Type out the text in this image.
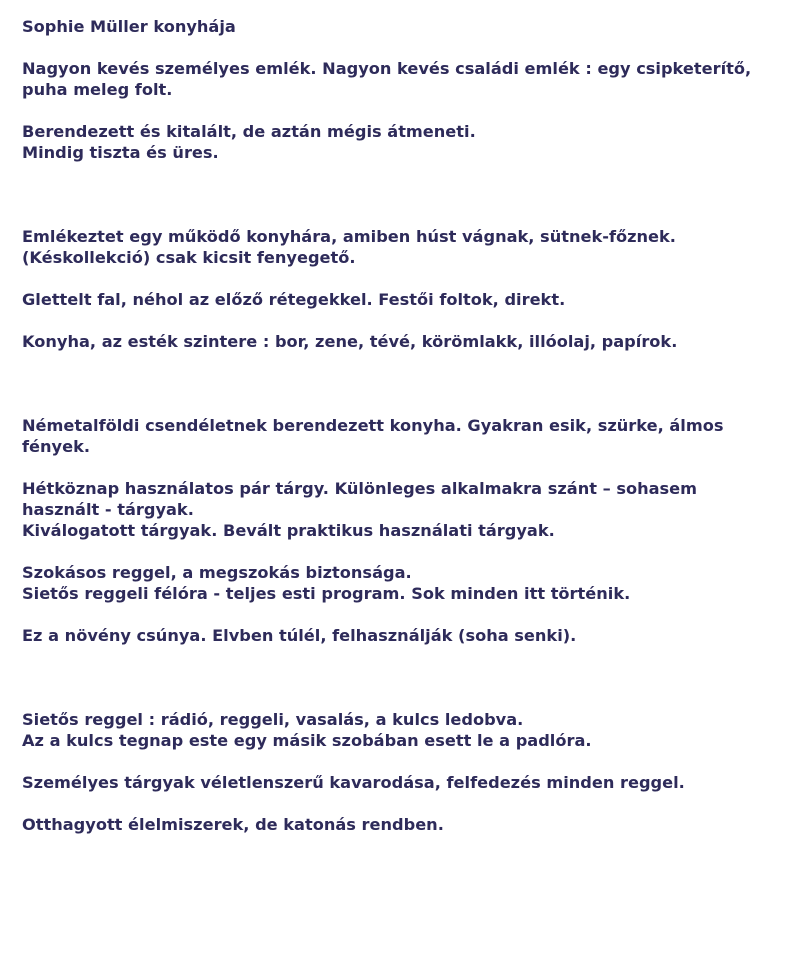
Sophie Müller konyhája
Nagyon kevés személyes emlék. Nagyon kevés családi emlék : egy csipketerítő,
puha meleg folt.
Berendezett és kitalált, de aztán mégis átmeneti.
Mindig tiszta és üres.
Emlékeztet egy működő konyhára, amiben húst vágnak, sütnek-főznek.
(Késkollekció) csak kicsit fenyegető.
Glettelt fal, néhol az előző rétegekkel. Festői foltok, direkt.
Konyha, az esték szintere : bor, zene, tévé, körömlakk, illóolaj, papírok.
Németalföldi csendéletnek berendezett konyha. Gyakran esik, szürke, álmos
fények.
Hétköznap használatos pár tárgy. Különleges alkalmakra szánt – sohasem
használt - tárgyak.
Kiválogatott tárgyak. Bevált praktikus használati tárgyak.
Szokásos reggel, a megszokás biztonsága.
Sietős reggeli félóra - teljes esti program. Sok minden itt történik.
Ez a növény csúnya. Elvben túlél, felhasználják (soha senki).
Sietős reggel : rádió, reggeli, vasalás, a kulcs ledobva.
Az a kulcs tegnap este egy másik szobában esett le a padlóra.
Személyes tárgyak véletlenszerű kavarodása, felfedezés minden reggel.
Otthagyott élelmiszerek, de katonás rendben.
